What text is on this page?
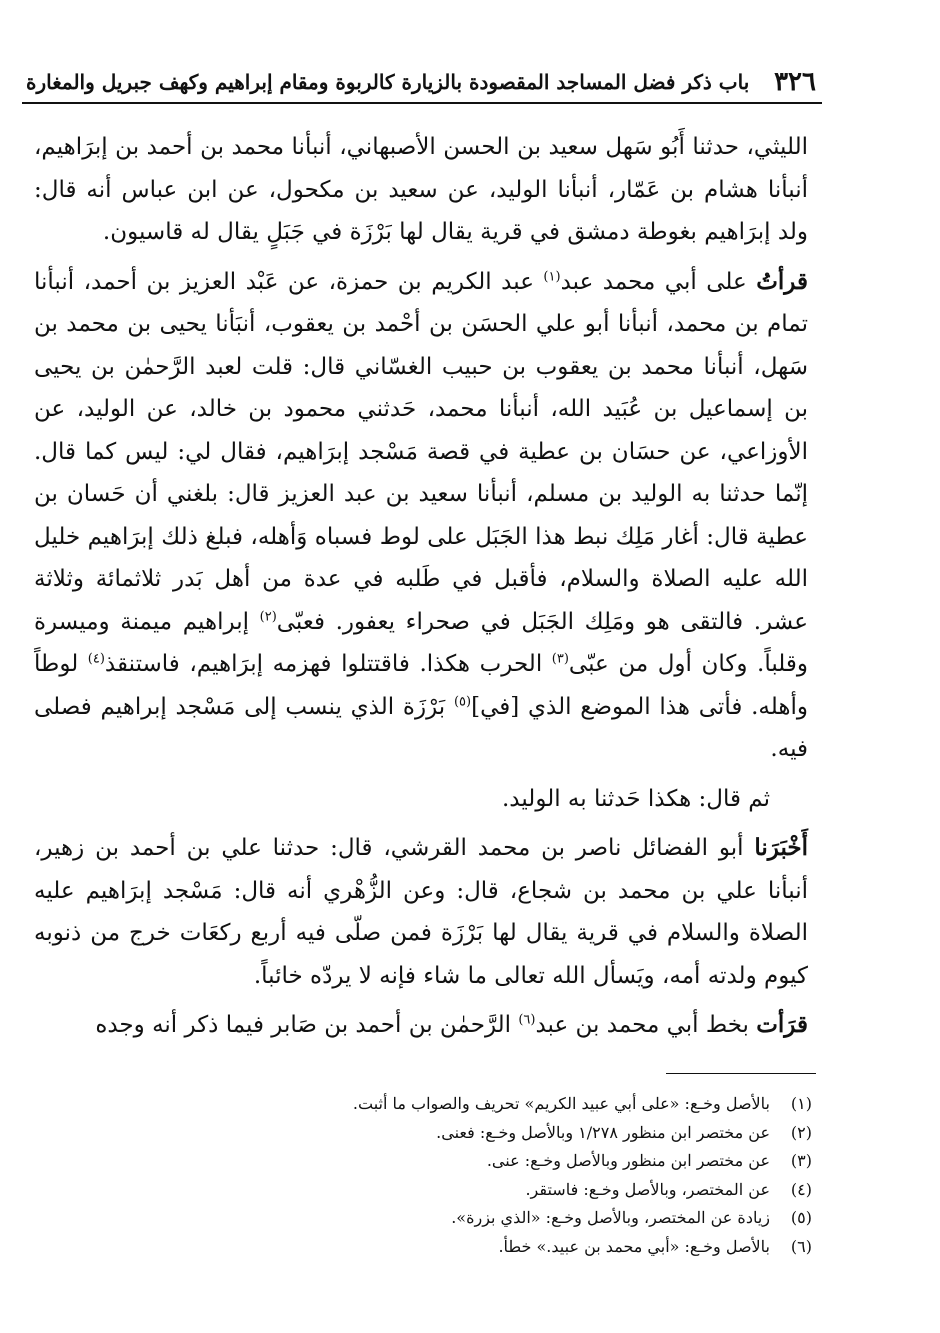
٣٢٦
باب ذكر فضل المساجد المقصودة بالزيارة كالربوة ومقام إبراهيم وكهف جبريل والمغارة

الليثي، حدثنا أَبُو سَهل سعيد بن الحسن الأصبهاني، أنبأنا محمد بن أحمد بن إبرَاهيم، أنبأنا هشام بن عَمّار، أنبأنا الوليد، عن سعيد بن مكحول، عن ابن عباس أنه قال: ولد إبرَاهيم بغوطة دمشق في قرية يقال لها بَرْزَة في جَبَلٍ يقال له قاسيون.

قرأتُ على أبي محمد عبد$^{(١)}$ عبد الكريم بن حمزة، عن عَبْد العزيز بن أحمد، أنبأنا تمام بن محمد، أنبأنا أبو علي الحسَن بن أحْمد بن يعقوب، أنبَأنا يحيى بن محمد بن سَهل، أنبأنا محمد بن يعقوب بن حبيب الغسّاني قال: قلت لعبد الرَّحمٰن بن يحيى بن إسماعيل بن عُبَيد الله، أنبأنا محمد، حَدثني محمود بن خالد، عن الوليد، عن الأوزاعي، عن حسَان بن عطية في قصة مَسْجد إبرَاهيم، فقال لي: ليس كما قال. إنّما حدثنا به الوليد بن مسلم، أنبأنا سعيد بن عبد العزيز قال: بلغني أن حَسان بن عطية قال: أغار مَلِك نبط هذا الجَبَل على لوط فسباه وَأهله، فبلغ ذلك إبرَاهيم خليل الله عليه الصلاة والسلام، فأقبل في طَلبه في عدة من أهل بَدر ثلاثمائة وثلاثة عشر. فالتقى هو ومَلِك الجَبَل في صحراء يعفور. فعبّى$^{(٢)}$ إبراهيم ميمنة وميسرة وقلباً. وكان أول من عبّى$^{(٣)}$ الحرب هكذا. فاقتتلوا فهزمه إبرَاهيم، فاستنقذ$^{(٤)}$ لوطاً وأهله. فأتى هذا الموضع الذي [في]$^{(٥)}$ بَرْزَة الذي ينسب إلى مَسْجد إبراهيم فصلى فيه.

ثم قال: هكذا حَدثنا به الوليد.

أَخْبَرَنا أبو الفضائل ناصر بن محمد القرشي، قال: حدثنا علي بن أحمد بن زهير، أنبأنا علي بن محمد بن شجاع، قال: وعن الزُّهْري أنه قال: مَسْجد إبرَاهيم عليه الصلاة والسلام في قرية يقال لها بَرْزَة فمن صلّى فيه أربع ركعَات خرج من ذنوبه كيوم ولدته أمه، ويَسأل الله تعالى ما شاء فإنه لا يردّه خائباً.

قرَأت بخط أبي محمد بن عبد$^{(٦)}$ الرَّحمٰن بن أحمد بن صَابر فيما ذكر أنه وجده

(١)بالأصل وخـع: «على أبي عبيد الكريم» تحريف والصواب ما أثبت.
(٢)عن مختصر ابن منظور ١/٢٧٨ وبالأصل وخـع: فعنى.
(٣)عن مختصر ابن منظور وبالأصل وخـع: عنى.
(٤)عن المختصر، وبالأصل وخـع: فاستقر.
(٥)زيادة عن المختصر، وبالأصل وخـع: «الذي بزرة».
(٦)بالأصل وخـع: «أبي محمد بن عبيد.» خطأ.
